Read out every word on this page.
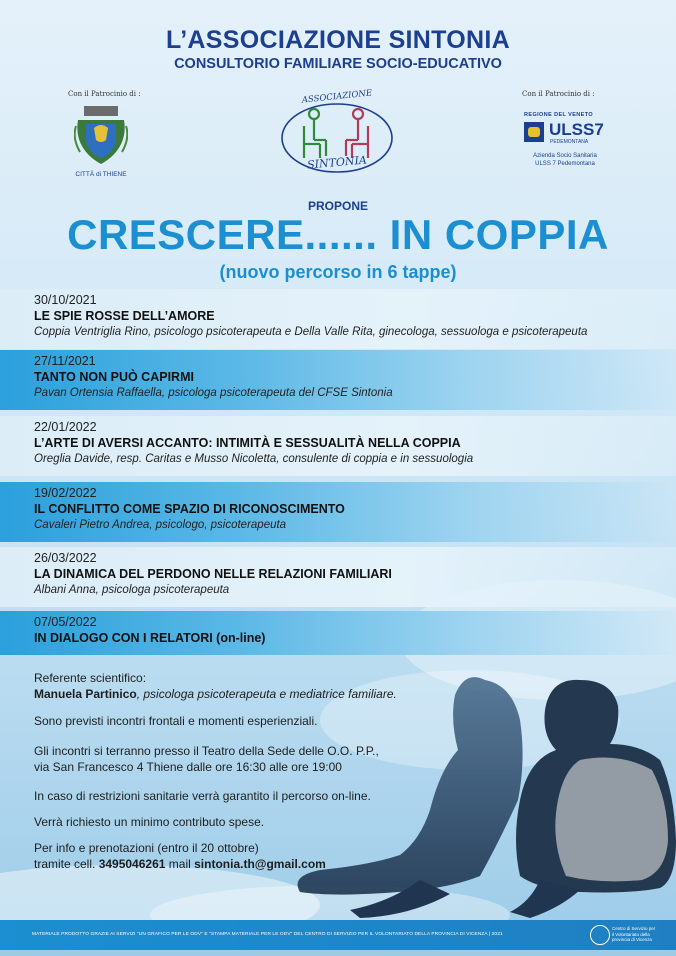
L’ASSOCIAZIONE SINTONIA
CONSULTORIO FAMILIARE SOCIO-EDUCATIVO
Con il Patrocinio di :
CITTÀ di THIENE
ASSOCIAZIONE
SINTONIA
Con il Patrocinio di :
REGIONE DEL VENETO
ULSS7
PEDEMONTANA
Azienda Socio Sanitaria
ULSS 7 Pedemontana
PROPONE
CRESCERE...... IN COPPIA
(nuovo percorso in 6 tappe)
30/10/2021
LE SPIE ROSSE DELL’AMORE
Coppia Ventriglia Rino, psicologo psicoterapeuta e Della Valle Rita, ginecologa, sessuologa e psicoterapeuta
27/11/2021
TANTO NON PUÒ CAPIRMI
Pavan Ortensia Raffaella, psicologa psicoterapeuta del CFSE Sintonia
22/01/2022
L’ARTE DI AVERSI ACCANTO: INTIMITÀ E SESSUALITÀ NELLA COPPIA
Oreglia Davide, resp. Caritas e Musso Nicoletta, consulente di coppia e in sessuologia
19/02/2022
IL CONFLITTO COME SPAZIO DI RICONOSCIMENTO
Cavaleri Pietro Andrea, psicologo, psicoterapeuta
26/03/2022
LA DINAMICA DEL PERDONO NELLE RELAZIONI FAMILIARI
Albani Anna, psicologa psicoterapeuta
07/05/2022
IN DIALOGO CON I RELATORI (on-line)
Referente scientifico:
Manuela Partinico, psicologa psicoterapeuta e mediatrice familiare.
Sono previsti incontri frontali e momenti esperienziali.
Gli incontri si terranno presso il Teatro della Sede delle O.O. P.P.,
via San Francesco 4 Thiene dalle ore 16:30 alle ore 19:00
In caso di restrizioni sanitarie verrà garantito il percorso on-line.
Verrà richiesto un minimo contributo spese.
Per info e prenotazioni (entro il 20 ottobre)
tramite cell. 3495046261 mail sintonia.th@gmail.com
MATERIALE PRODOTTO GRAZIE AI SERVIZI "UN GRAFICO PER LE ODV" E "STAMPA MATERIALE PER LE ODV" DEL CENTRO DI SERVIZIO PER IL VOLONTARIATO DELLA PROVINCIA DI VICENZA | 2021
Centro di Servizio per il Volontariato della provincia di Vicenza
